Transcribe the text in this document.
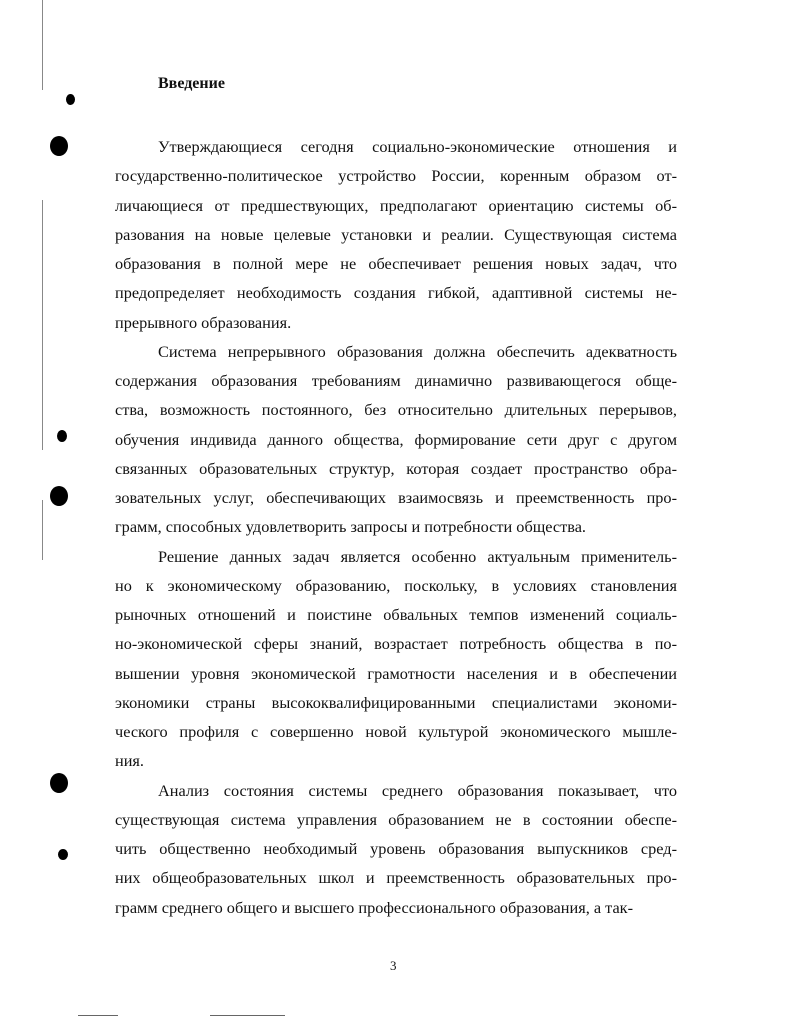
Введение
Утверждающиеся сегодня социально-экономические отношения и
государственно-политическое устройство России, коренным образом от-
личающиеся от предшествующих, предполагают ориентацию системы об-
разования на новые целевые установки и реалии. Существующая система
образования в полной мере не обеспечивает решения новых задач, что
предопределяет необходимость создания гибкой, адаптивной системы не-
прерывного образования.
Система непрерывного образования должна обеспечить адекватность
содержания образования требованиям динамично развивающегося обще-
ства, возможность постоянного, без относительно длительных перерывов,
обучения индивида данного общества, формирование сети друг с другом
связанных образовательных структур, которая создает пространство обра-
зовательных услуг, обеспечивающих взаимосвязь и преемственность про-
грамм, способных удовлетворить запросы и потребности общества.
Решение данных задач является особенно актуальным применитель-
но к экономическому образованию, поскольку, в условиях становления
рыночных отношений и поистине обвальных темпов изменений социаль-
но-экономической сферы знаний, возрастает потребность общества в по-
вышении уровня экономической грамотности населения и в обеспечении
экономики страны высококвалифицированными специалистами экономи-
ческого профиля с совершенно новой культурой экономического мышле-
ния.
Анализ состояния системы среднего образования показывает, что
существующая система управления образованием не в состоянии обеспе-
чить общественно необходимый уровень образования выпускников сред-
них общеобразовательных школ и преемственность образовательных про-
грамм среднего общего и высшего профессионального образования, а так-
3
